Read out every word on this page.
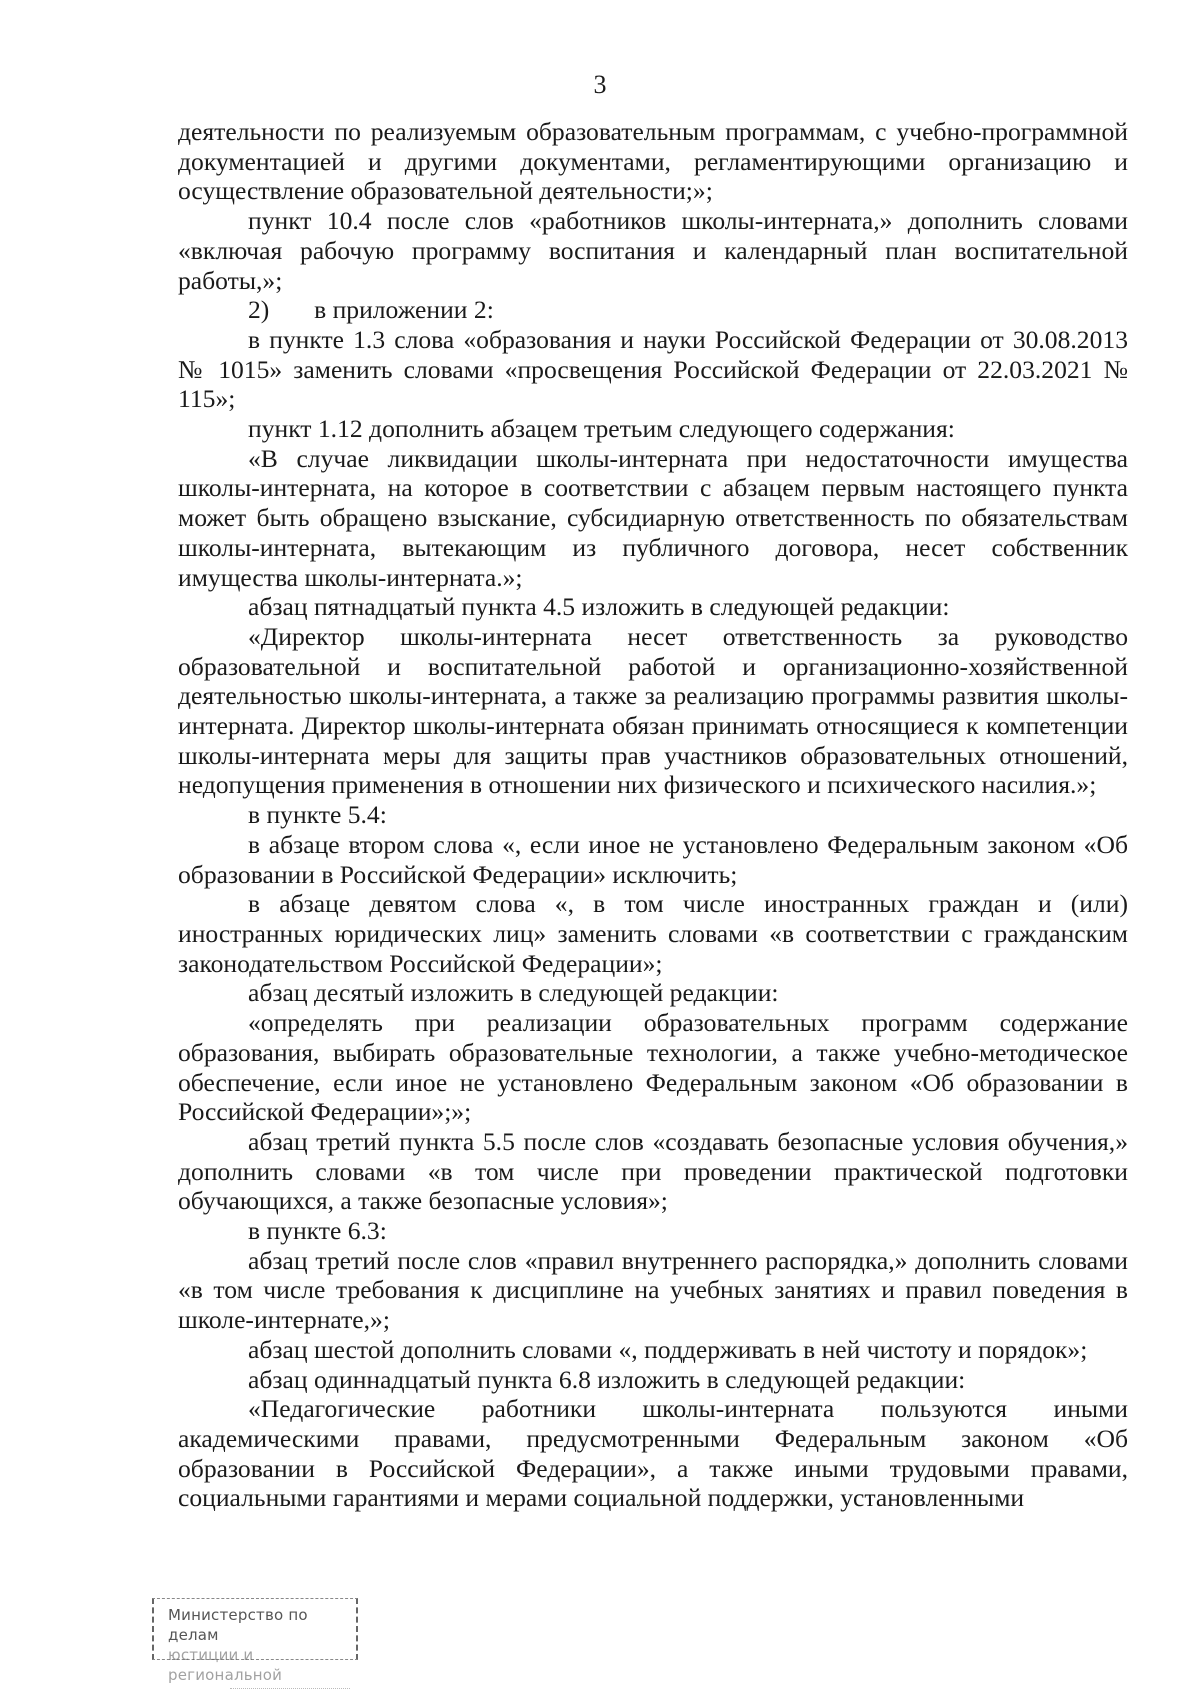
3

деятельности по реализуемым образовательным программам, с учебно-программной документацией и другими документами, регламентирующими организацию и осуществление образовательной деятельности;»;

пункт 10.4 после слов «работников школы-интерната,» дополнить словами «включая рабочую программу воспитания и календарный план воспитательной работы,»;

2)       в приложении 2:

в пункте 1.3 слова «образования и науки Российской Федерации от 30.08.2013 № 1015» заменить словами «просвещения Российской Федерации от 22.03.2021 № 115»;

пункт 1.12 дополнить абзацем третьим следующего содержания:

«В случае ликвидации школы-интерната при недостаточности имущества школы-интерната, на которое в соответствии с абзацем первым настоящего пункта может быть обращено взыскание, субсидиарную ответственность по обязательствам школы-интерната, вытекающим из публичного договора, несет собственник имущества школы-интерната.»;

абзац пятнадцатый пункта 4.5 изложить в следующей редакции:

«Директор школы-интерната несет ответственность за руководство образовательной и воспитательной работой и организационно-хозяйственной деятельностью школы-интерната, а также за реализацию программы развития школы-интерната. Директор школы-интерната обязан принимать относящиеся к компетенции школы-интерната меры для защиты прав участников образовательных отношений, недопущения применения в отношении них физического и психического насилия.»;

в пункте 5.4:

в абзаце втором слова «, если иное не установлено Федеральным законом «Об образовании в Российской Федерации» исключить;

в абзаце девятом слова «, в том числе иностранных граждан и (или) иностранных юридических лиц» заменить словами «в соответствии с гражданским законодательством Российской Федерации»;

абзац десятый изложить в следующей редакции:

«определять при реализации образовательных программ содержание образования, выбирать образовательные технологии, а также учебно-методическое обеспечение, если иное не установлено Федеральным законом «Об образовании в Российской Федерации»;»;

абзац третий пункта 5.5 после слов «создавать безопасные условия обучения,» дополнить словами «в том числе при проведении практической подготовки обучающихся, а также безопасные условия»;

в пункте 6.3:

абзац третий после слов «правил внутреннего распорядка,» дополнить словами «в том числе требования к дисциплине на учебных занятиях и правил поведения в школе-интернате,»;

абзац шестой дополнить словами «, поддерживать в ней чистоту и порядок»;

абзац одиннадцатый пункта 6.8 изложить в следующей редакции:

«Педагогические работники школы-интерната пользуются иными академическими правами, предусмотренными Федеральным законом «Об образовании в Российской Федерации», а также иными трудовыми правами, социальными гарантиями и мерами социальной поддержки, установленными

Министерство по делам
юстиции и региональной
